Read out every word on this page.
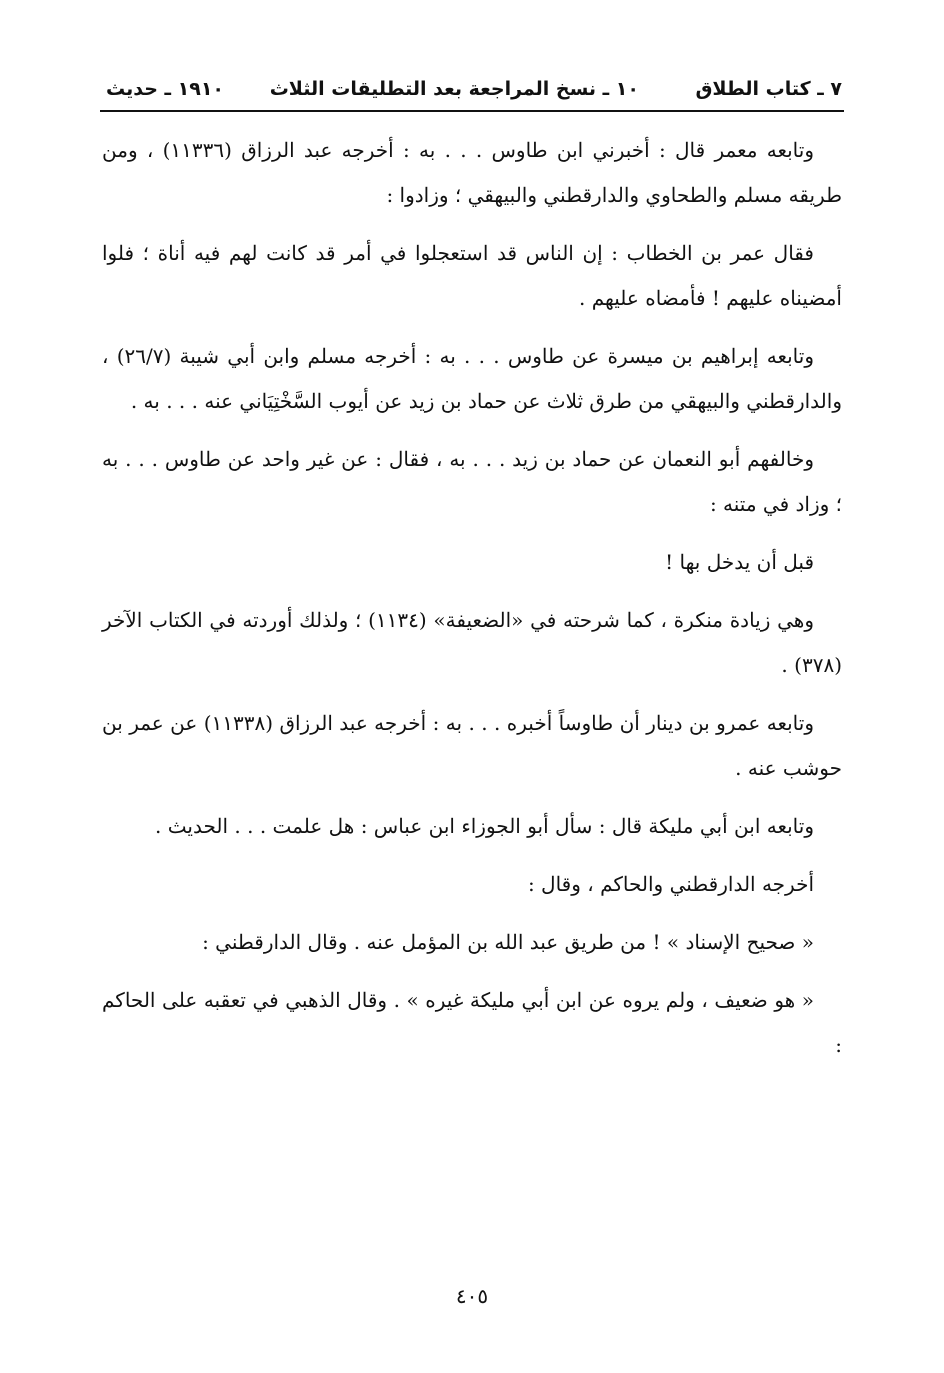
٧ ـ كتاب الطلاق
١٠ ـ نسخ المراجعة بعد التطليقات الثلاث
١٩١٠ ـ حديث

وتابعه معمر قال : أخبرني ابن طاوس . . . به : أخرجه عبد الرزاق (١١٣٣٦) ، ومن طريقه مسلم والطحاوي والدارقطني والبيهقي ؛ وزادوا :

فقال عمر بن الخطاب : إن الناس قد استعجلوا في أمر قد كانت لهم فيه أناة ؛ فلوا أمضيناه عليهم ! فأمضاه عليهم .

وتابعه إبراهيم بن ميسرة عن طاوس . . . به : أخرجه مسلم وابن أبي شيبة (٢٦/٧) ، والدارقطني والبيهقي من طرق ثلاث عن حماد بن زيد عن أيوب السَّخْتِيَاني عنه . . . به .

وخالفهم أبو النعمان عن حماد بن زيد . . . به ، فقال : عن غير واحد عن طاوس . . . به ؛ وزاد في متنه :

قبل أن يدخل بها !

وهي زيادة منكرة ، كما شرحته في «الضعيفة» (١١٣٤) ؛ ولذلك أوردته في الكتاب الآخر (٣٧٨) .

وتابعه عمرو بن دينار أن طاوساً أخبره . . . به : أخرجه عبد الرزاق (١١٣٣٨) عن عمر بن حوشب عنه .

وتابعه ابن أبي مليكة قال : سأل أبو الجوزاء ابن عباس : هل علمت . . . الحديث .

أخرجه الدارقطني والحاكم ، وقال :

« صحيح الإسناد » ! من طريق عبد الله بن المؤمل عنه . وقال الدارقطني :

« هو ضعيف ، ولم يروه عن ابن أبي مليكة غيره » . وقال الذهبي في تعقبه على الحاكم :

٤٠٥
